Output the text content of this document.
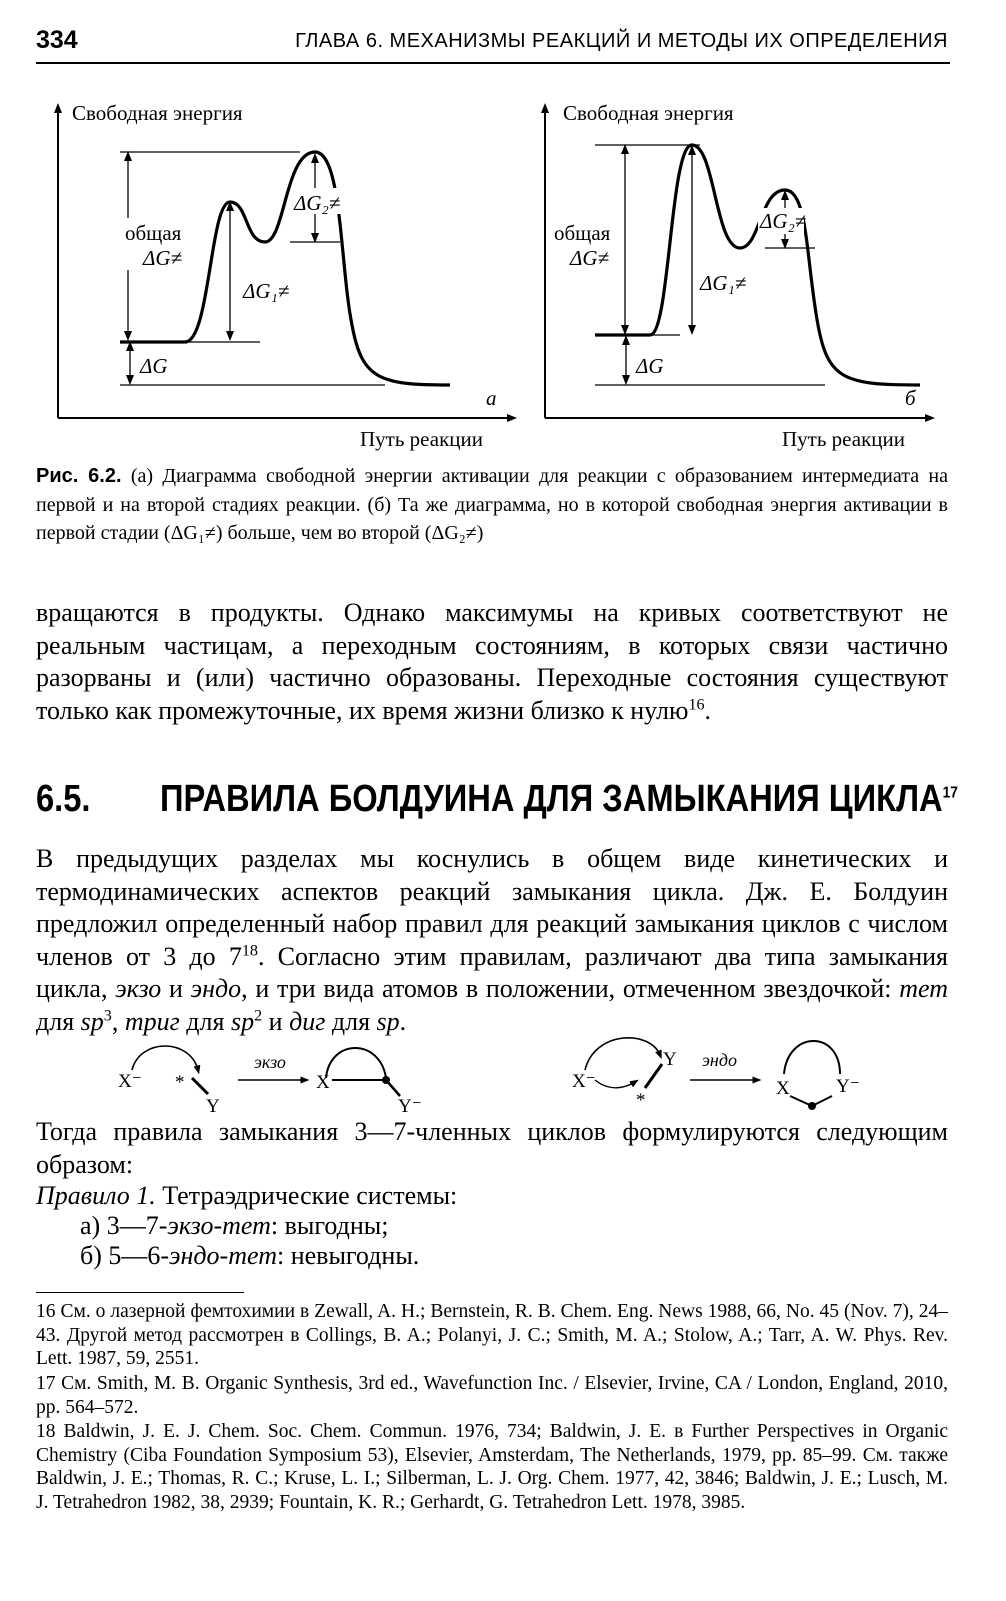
334	ГЛАВА 6. МЕХАНИЗМЫ РЕАКЦИЙ И МЕТОДЫ ИХ ОПРЕДЕЛЕНИЯ
Свободная энергия
Путь реакции
а
общая
ΔG≠
ΔG₁≠
ΔG₂≠
ΔG
Свободная энергия
Путь реакции
б
общая
ΔG≠
ΔG₁≠
ΔG₂≠
ΔG
Рис. 6.2. (а) Диаграмма свободной энергии активации для реакции с образованием интермедиата на первой и на второй стадиях реакции. (б) Та же диаграмма, но в которой свободная энергия активации в первой стадии (ΔG₁≠) больше, чем во второй (ΔG₂≠)
вращаются в продукты. Однако максимумы на кривых соответствуют не реальным частицам, а переходным состояниям, в которых связи частично разорваны и (или) частично образованы. Переходные состояния существуют только как промежуточные, их время жизни близко к нулю$^{16}$.
6.5. ПРАВИЛА БОЛДУИНА ДЛЯ ЗАМЫКАНИЯ ЦИКЛА$^{17}$
В предыдущих разделах мы коснулись в общем виде кинетических и термодинамических аспектов реакций замыкания цикла. Дж. Е. Болдуин предложил определенный набор правил для реакций замыкания циклов с числом членов от 3 до $7^{18}$. Согласно этим правилам, различают два типа замыкания цикла, экзо и эндо, и три вида атомов в положении, отмеченном звездочкой: тет для $sp^3$, триг для $sp^2$ и диг для sp.
X⁻ *
Y
экзо
X
Y⁻
X⁻
Y
*
эндо
X Y⁻
Тогда правила замыкания 3—7-членных циклов формулируются следующим образом:
Правило 1. Тетраэдрические системы:
а) 3—7-экзо-тет: выгодны;
б) 5—6-эндо-тет: невыгодны.
16 См. о лазерной фемтохимии в Zewall, A. H.; Bernstein, R. B. Chem. Eng. News 1988, 66, No. 45 (Nov. 7), 24–43. Другой метод рассмотрен в Collings, B. A.; Polanyi, J. C.; Smith, M. A.; Stolow, A.; Tarr, A. W. Phys. Rev. Lett. 1987, 59, 2551.
17 См. Smith, M. B. Organic Synthesis, 3rd ed., Wavefunction Inc. / Elsevier, Irvine, CA / London, England, 2010, pp. 564–572.
18 Baldwin, J. E. J. Chem. Soc. Chem. Commun. 1976, 734; Baldwin, J. E. в Further Perspectives in Organic Chemistry (Ciba Foundation Symposium 53), Elsevier, Amsterdam, The Netherlands, 1979, pp. 85–99. См. также Baldwin, J. E.; Thomas, R. C.; Kruse, L. I.; Silberman, L. J. Org. Chem. 1977, 42, 3846; Baldwin, J. E.; Lusch, M. J. Tetrahedron 1982, 38, 2939; Fountain, K. R.; Gerhardt, G. Tetrahedron Lett. 1978, 3985.
